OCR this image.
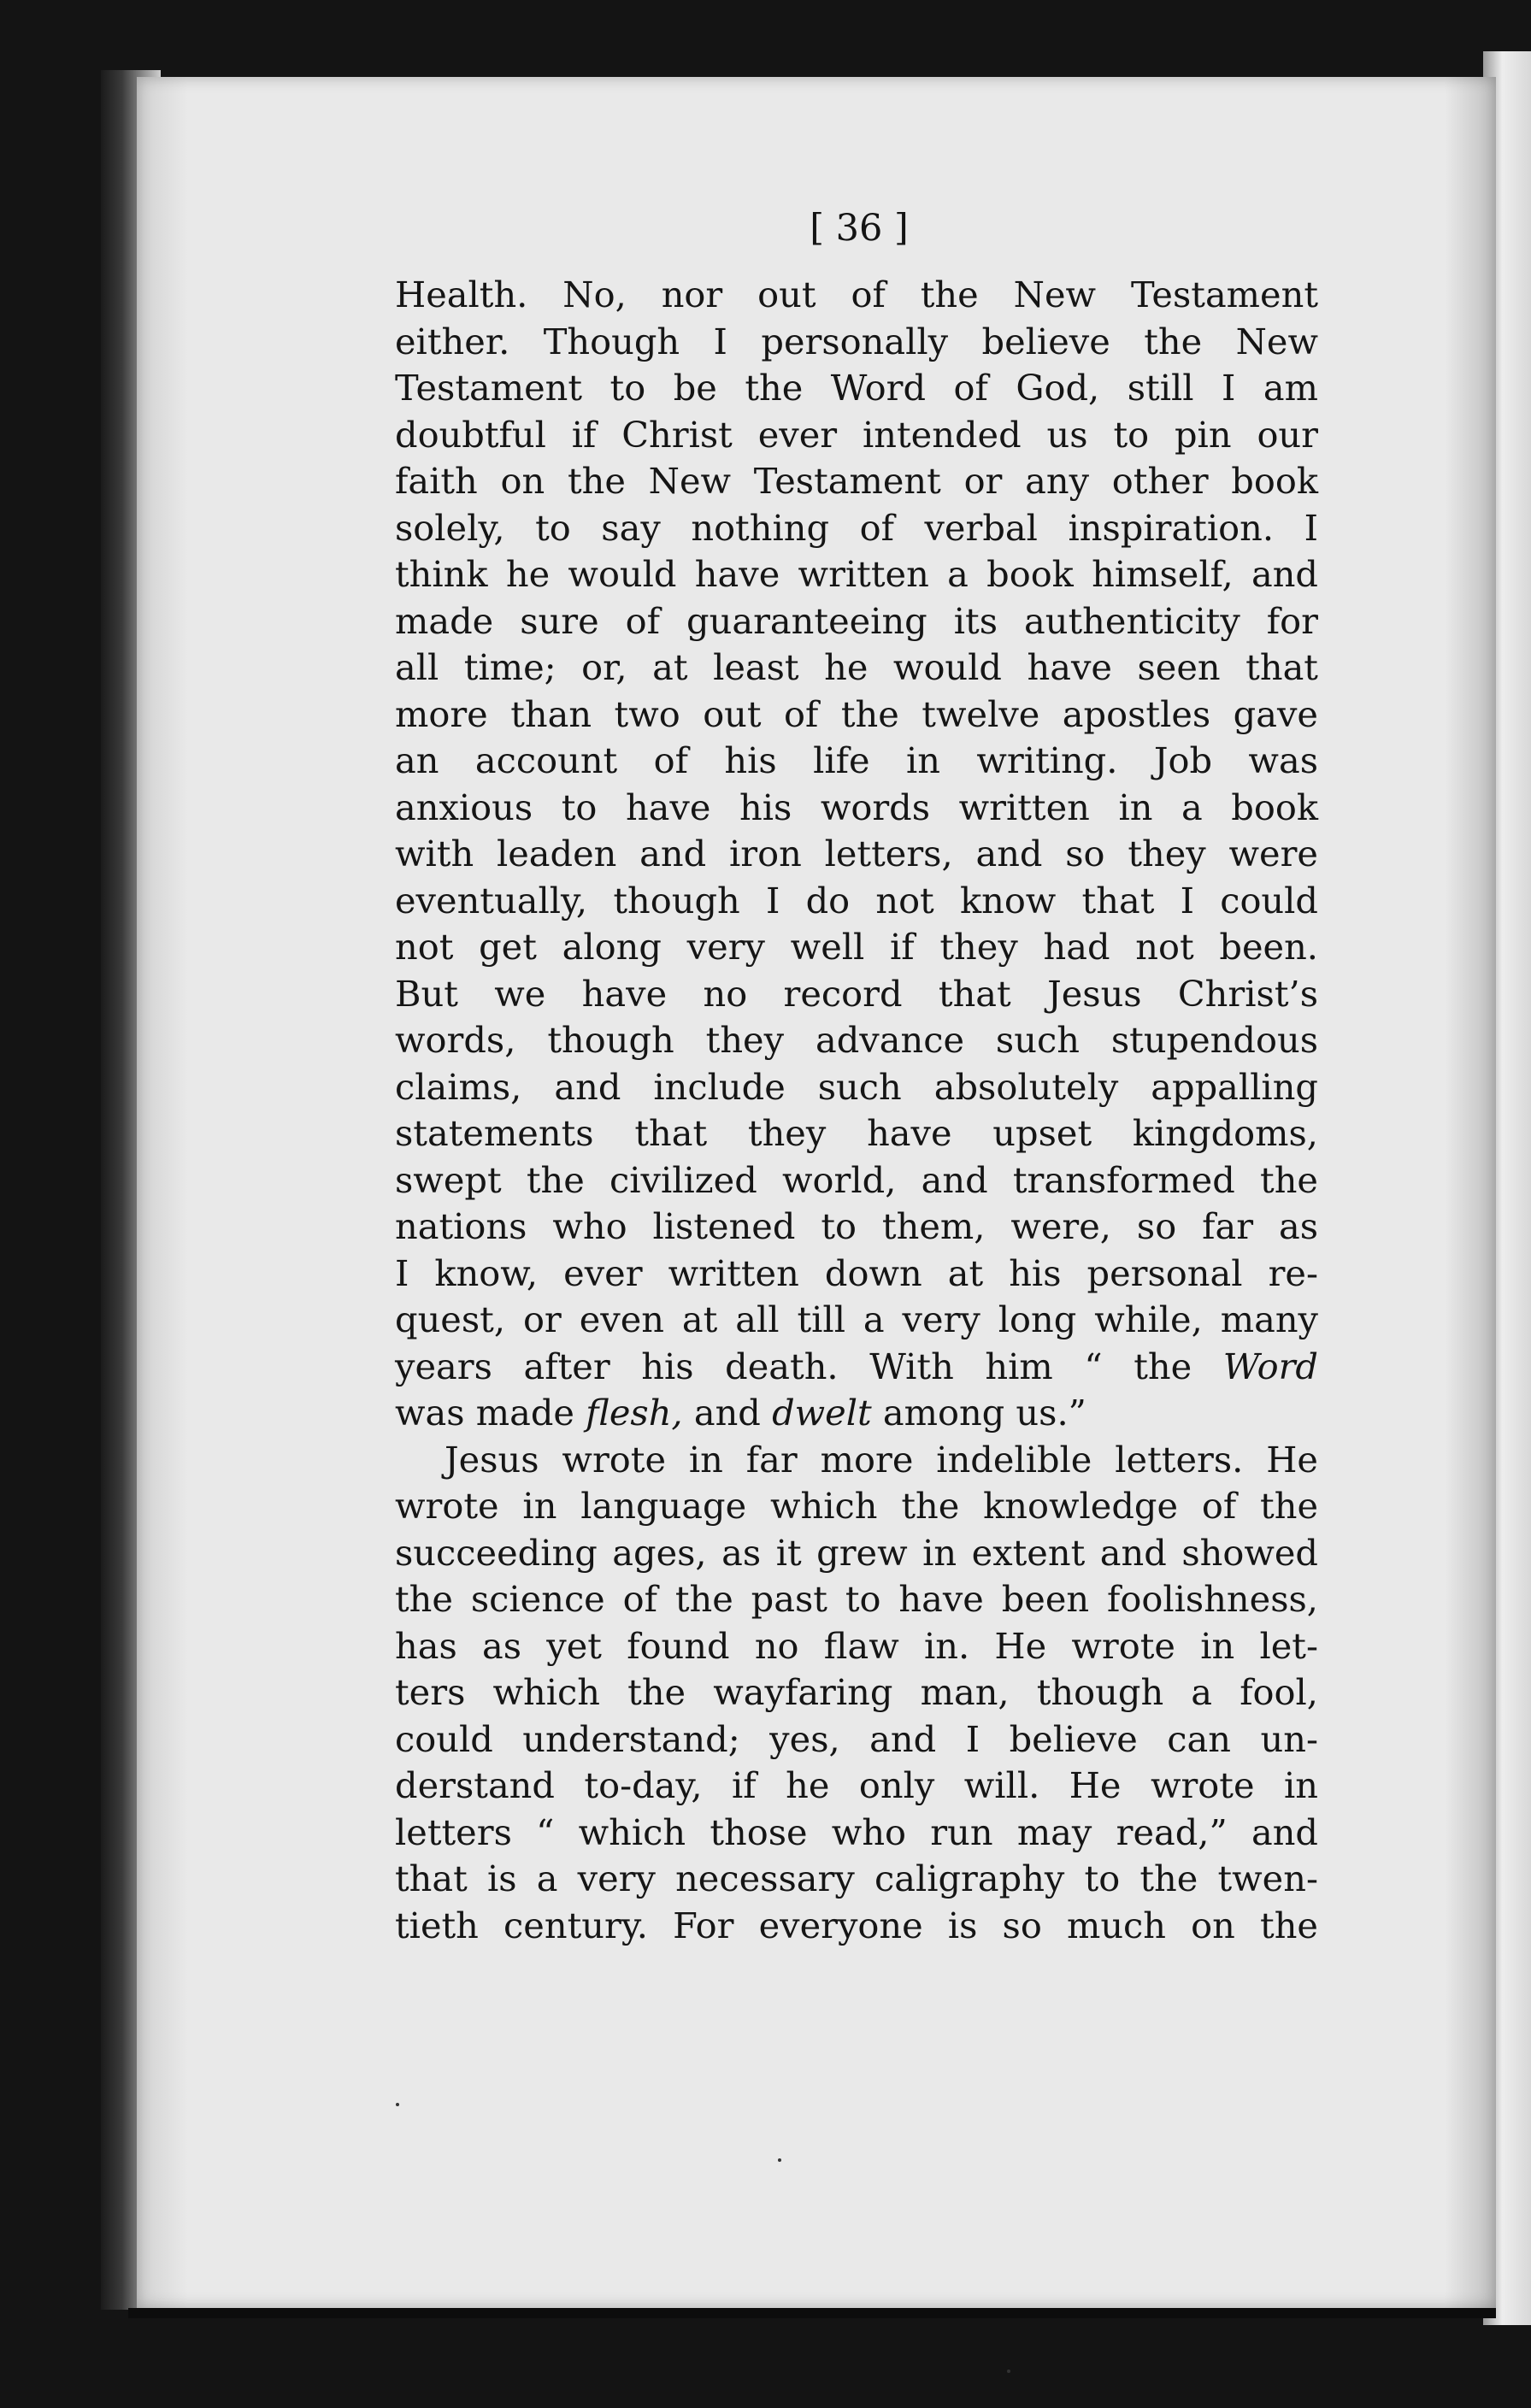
[ 36 ]
Health. No, nor out of the New Testament
either. Though I personally believe the New
Testament to be the Word of God, still I am
doubtful if Christ ever intended us to pin our
faith on the New Testament or any other book
solely, to say nothing of verbal inspiration. I
think he would have written a book himself, and
made sure of guaranteeing its authenticity for
all time; or, at least he would have seen that
more than two out of the twelve apostles gave
an account of his life in writing. Job was
anxious to have his words written in a book
with leaden and iron letters, and so they were
eventually, though I do not know that I could
not get along very well if they had not been.
But we have no record that Jesus Christ’s
words, though they advance such stupendous
claims, and include such absolutely appalling
statements that they have upset kingdoms,
swept the civilized world, and transformed the
nations who listened to them, were, so far as
I know, ever written down at his personal re-
quest, or even at all till a very long while, many
years after his death. With him “ the Word
was made flesh, and dwelt among us.”
Jesus wrote in far more indelible letters. He
wrote in language which the knowledge of the
succeeding ages, as it grew in extent and showed
the science of the past to have been foolishness,
has as yet found no flaw in. He wrote in let-
ters which the wayfaring man, though a fool,
could understand; yes, and I believe can un-
derstand to-day, if he only will. He wrote in
letters “ which those who run may read,” and
that is a very necessary caligraphy to the twen-
tieth century. For everyone is so much on the
